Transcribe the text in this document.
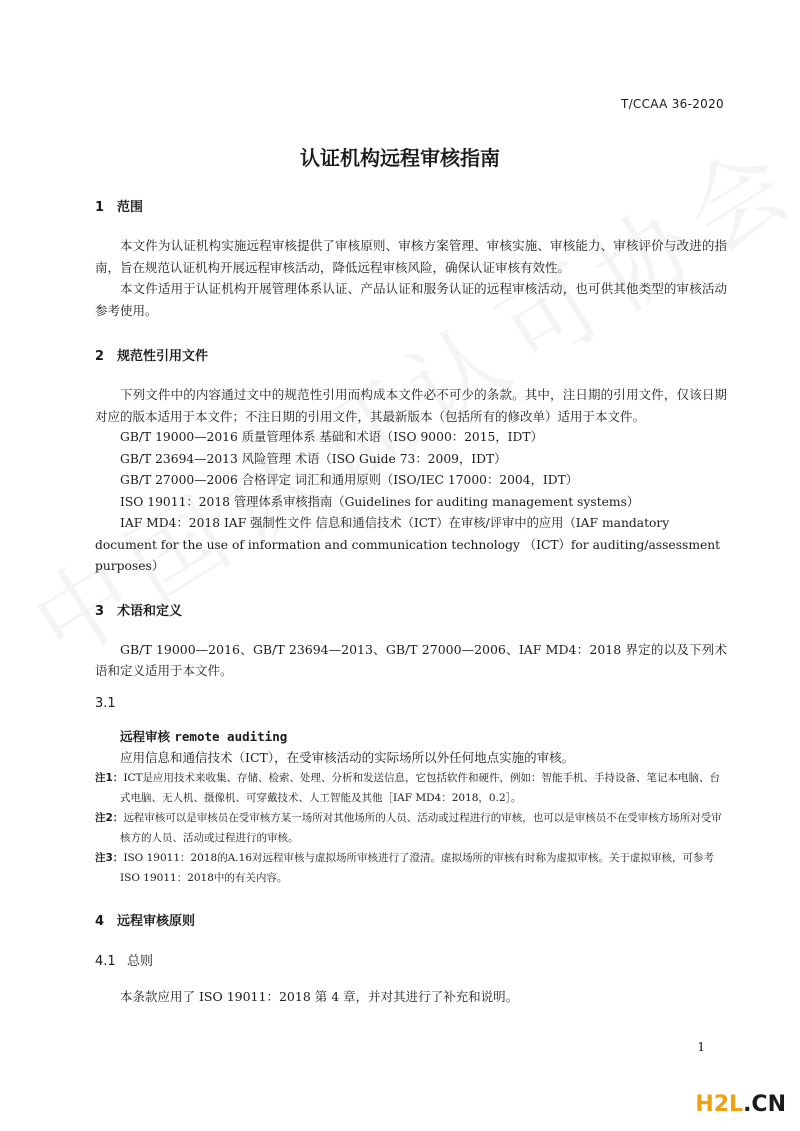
T/CCAA 36-2020
认证机构远程审核指南
1 范围

本文件为认证机构实施远程审核提供了审核原则、审核方案管理、审核实施、审核能力、审核评价与改进的指南，旨在规范认证机构开展远程审核活动，降低远程审核风险，确保认证审核有效性。

本文件适用于认证机构开展管理体系认证、产品认证和服务认证的远程审核活动，也可供其他类型的审核活动参考使用。

2 规范性引用文件

下列文件中的内容通过文中的规范性引用而构成本文件必不可少的条款。其中，注日期的引用文件，仅该日期对应的版本适用于本文件；不注日期的引用文件，其最新版本（包括所有的修改单）适用于本文件。

GB/T 19000—2016 质量管理体系 基础和术语（ISO 9000：2015，IDT）

GB/T 23694—2013 风险管理 术语（ISO Guide 73：2009，IDT）

GB/T 27000—2006 合格评定 词汇和通用原则（ISO/IEC 17000：2004，IDT）

ISO 19011：2018 管理体系审核指南（Guidelines for auditing management systems）

IAF MD4：2018 IAF 强制性文件 信息和通信技术（ICT）在审核/评审中的应用（IAF mandatory document for the use of information and communication technology （ICT）for auditing/assessment purposes）

3 术语和定义

GB/T 19000—2016、GB/T 23694—2013、GB/T 27000—2006、IAF MD4：2018 界定的以及下列术语和定义适用于本文件。

3.1

远程审核 remote auditing

应用信息和通信技术（ICT），在受审核活动的实际场所以外任何地点实施的审核。

注1：ICT是应用技术来收集、存储、检索、处理、分析和发送信息，它包括软件和硬件，例如：智能手机、手持设备、笔记本电脑、台式电脑、无人机、摄像机、可穿戴技术、人工智能及其他［IAF MD4：2018，0.2］。

注2：远程审核可以是审核员在受审核方某一场所对其他场所的人员、活动或过程进行的审核，也可以是审核员不在受审核方场所对受审核方的人员、活动或过程进行的审核。

注3：ISO 19011：2018的A.16对远程审核与虚拟场所审核进行了澄清。虚拟场所的审核有时称为虚拟审核。关于虚拟审核，可参考ISO 19011：2018中的有关内容。

4 远程审核原则
4.1 总则

本条款应用了 ISO 19011：2018 第 4 章，并对其进行了补充和说明。

1
H2L.CN
